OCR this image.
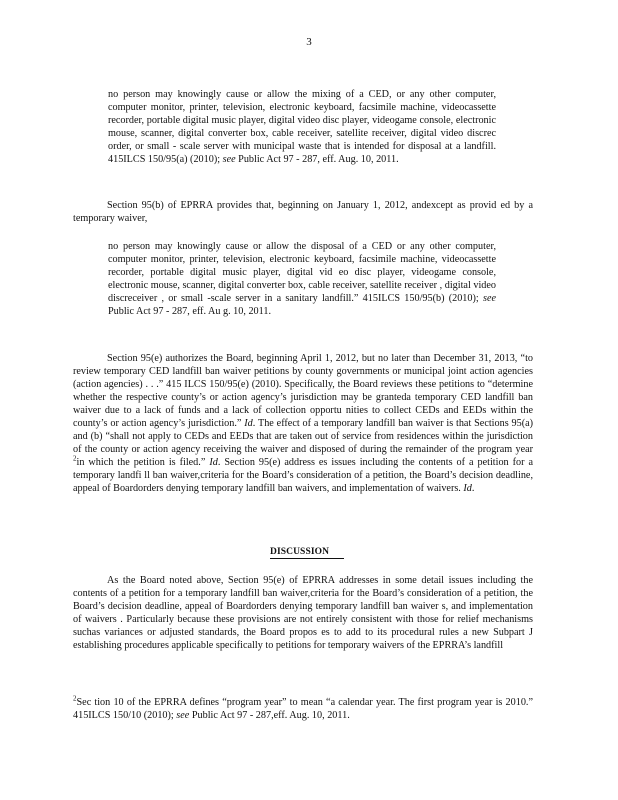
3
no person may knowingly cause or allow the mixing of a CED, or any other computer, computer monitor, printer, television, electronic keyboard, facsimile machine, videocassette recorder, portable digital music player, digital video disc player, videogame console, electronic mouse, scanner, digital converter box, cable receiver, satellite receiver, digital video discrec order, or small - scale server with municipal waste that is intended for disposal at a landfill. 415ILCS 150/95(a) (2010); see Public Act 97 - 287, eff. Aug. 10, 2011.
Section 95(b) of EPRRA provides that, beginning on January 1, 2012, andexcept as provid ed by a temporary waiver,
no person may knowingly cause or allow the disposal of a CED or any other computer, computer monitor, printer, television, electronic keyboard, facsimile machine, videocassette recorder, portable digital music player, digital vid eo disc player, videogame console, electronic mouse, scanner, digital converter box, cable receiver, satellite receiver , digital video discreceiver , or small -scale server in a sanitary landfill.” 415ILCS 150/95(b) (2010); see Public Act 97 - 287, eff. Au g. 10, 2011.
Section 95(e) authorizes the Board, beginning April 1, 2012, but no later than December 31, 2013, “to review temporary CED landfill ban waiver petitions by county governments or municipal joint action agencies (action agencies) . . .” 415 ILCS 150/95(e) (2010). Specifically, the Board reviews these petitions to “determine whether the respective county’s or action agency’s jurisdiction may be granteda temporary CED landfill ban waiver due to a lack of funds and a lack of collection opportu nities to collect CEDs and EEDs within the county’s or action agency’s jurisdiction.” Id. The effect of a temporary landfill ban waiver is that Sections 95(a) and (b) “shall not apply to CEDs and EEDs that are taken out of service from residences within the jurisdiction of the county or action agency receiving the waiver and disposed of during the remainder of the program year $^2$in which the petition is filed.” Id. Section 95(e) address es issues including the contents of a petition for a temporary landfi ll ban waiver,criteria for the Board’s consideration of a petition, the Board’s decision deadline, appeal of Boardorders denying temporary landfill ban waivers, and implementation of waivers. Id.
DISCUSSION
As the Board noted above, Section 95(e) of EPRRA addresses in some detail issues including the contents of a petition for a temporary landfill ban waiver,criteria for the Board’s consideration of a petition, the Board’s decision deadline, appeal of Boardorders denying temporary landfill ban waiver s, and implementation of waivers . Particularly because these provisions are not entirely consistent with those for relief mechanisms suchas variances or adjusted standards, the Board propos es to add to its procedural rules a new Subpart J establishing procedures applicable specifically to petitions for temporary waivers of the EPRRA’s landfill
$^2$Sec tion 10 of the EPRRA defines “program year” to mean “a calendar year. The first program year is 2010.” 415ILCS 150/10 (2010); see Public Act 97 - 287,eff. Aug. 10, 2011.
